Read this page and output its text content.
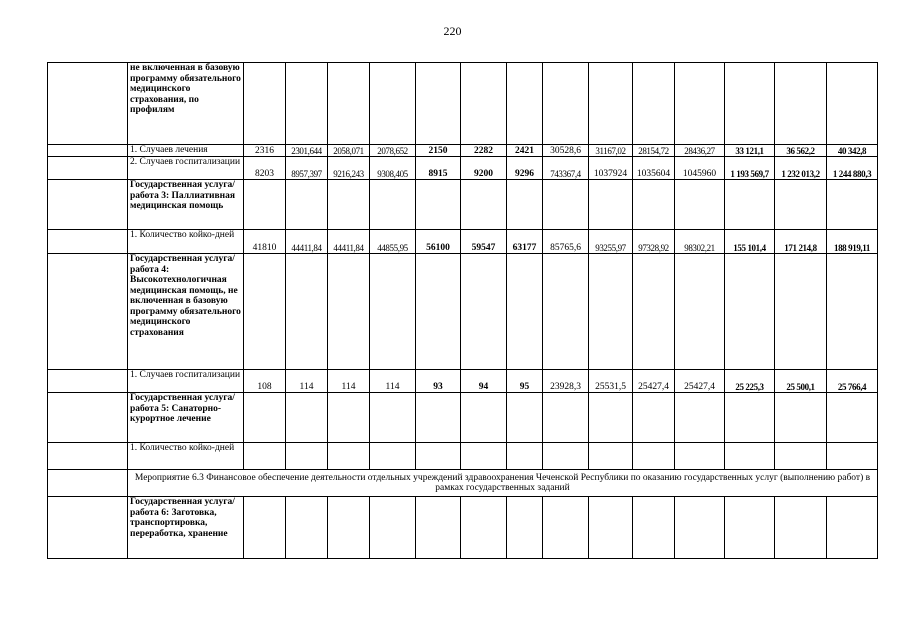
220
	не включенная в базовую программу обязательного медицинского страхования, по профилям														
	1. Случаев лечения	2316	2301,644	2058,071	2078,652	2150	2282	2421	30528,6	31167,02	28154,72	28436,27	33 121,1	36 562,2	40 342,8
	2. Случаев госпитализации	8203	8957,397	9216,243	9308,405	8915	9200	9296	743367,4	1037924	1035604	1045960	1 193 569,7	1 232 013,2	1 244 880,3
	Государственная услуга/работа 3: Паллиативная медицинская помощь														
	1. Количество койко-дней	41810	44411,84	44411,84	44855,95	56100	59547	63177	85765,6	93255,97	97328,92	98302,21	155 101,4	171 214,8	188 919,11
	Государственная услуга/работа 4: Высокотехнологичная медицинская помощь, не включенная в базовую программу обязательного медицинского страхования														
	1. Случаев госпитализации	108	114	114	114	93	94	95	23928,3	25531,5	25427,4	25427,4	25 225,3	25 500,1	25 766,4
	Государственная услуга/работа 5: Санаторно-курортное лечение														
	1. Количество койко-дней														
	Мероприятие 6.3 Финансовое обеспечение деятельности отдельных учреждений здравоохранения Чеченской Республики по оказанию государственных услуг (выполнению работ) в рамках государственных заданий														
	Государственная услуга/работа 6: Заготовка, транспортировка, переработка, хранение														
